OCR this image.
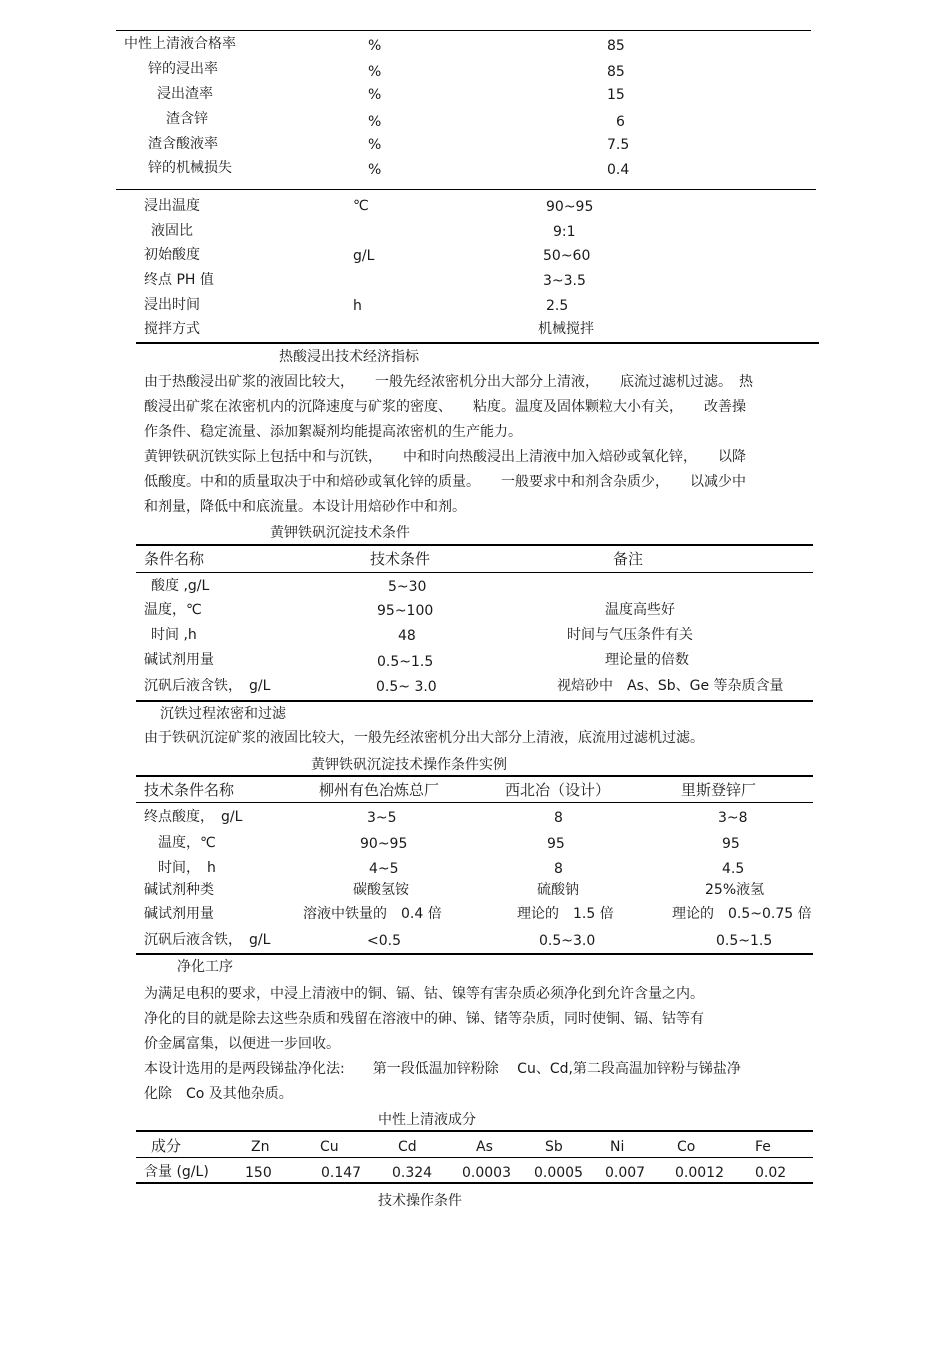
中性上清液合格率	%	85
锌的浸出率	%	85
浸出渣率	%	15
渣含锌	%	6
渣含酸液率	%	7.5
锌的机械损失	%	0.4
浸出温度	℃	90~95
液固比	9:1
初始酸度	g/L	50~60
终点 PH 值	3~3.5
浸出时间	h	2.5
搅拌方式	机械搅拌
热酸浸出技术经济指标
由于热酸浸出矿浆的液固比较大，　　一般先经浓密机分出大部分上清液，　　底流过滤机过滤。　热
酸浸出矿浆在浓密机内的沉降速度与矿浆的密度、　　粘度。温度及固体颗粒大小有关，　　改善操
作条件、稳定流量、添加絮凝剂均能提高浓密机的生产能力。
黄钾铁矾沉铁实际上包括中和与沉铁，　　中和时向热酸浸出上清液中加入焙砂或氧化锌，　　以降
低酸度。中和的质量取决于中和焙砂或氧化锌的质量。　　一般要求中和剂含杂质少，　　以减少中
和剂量，降低中和底流量。本设计用焙砂作中和剂。
黄钾铁矾沉淀技术条件
条件名称	技术条件	备注
酸度 ,g/L	5~30
温度，℃	95~100	温度高些好
时间 ,h	48	时间与气压条件有关
碱试剂用量	0.5~1.5	理论量的倍数
沉矾后液含铁，　g/L	0.5~ 3.0	视焙砂中　As、Sb、Ge 等杂质含量
沉铁过程浓密和过滤
由于铁矾沉淀矿浆的液固比较大，一般先经浓密机分出大部分上清液，底流用过滤机过滤。
黄钾铁矾沉淀技术操作条件实例
技术条件名称	柳州有色冶炼总厂	西北冶（设计）	里斯登锌厂
终点酸度，　g/L	3~5	8	3~8
温度，℃	90~95	95	95
时间，　h	4~5	8	4.5
碱试剂种类	碳酸氢铵	硫酸钠	25%液氢
碱试剂用量	溶液中铁量的　0.4 倍	理论的　1.5 倍	理论的　0.5~0.75 倍
沉矾后液含铁，　g/L	<0.5	0.5~3.0	0.5~1.5
净化工序
为满足电积的要求，中浸上清液中的铜、镉、钴、镍等有害杂质必须净化到允许含量之内。
净化的目的就是除去这些杂质和残留在溶液中的砷、锑、锗等杂质，同时使铜、镉、钴等有
价金属富集，以便进一步回收。
本设计选用的是两段锑盐净化法:　　第一段低温加锌粉除　 Cu、Cd,第二段高温加锌粉与锑盐净
化除　Co 及其他杂质。
中性上清液成分
成分	Zn	Cu	Cd	As	Sb	Ni	Co	Fe
含量 (g/L)	150	0.147 0.324 0.0003 0.0005 0.007 0.0012 0.02
技术操作条件
